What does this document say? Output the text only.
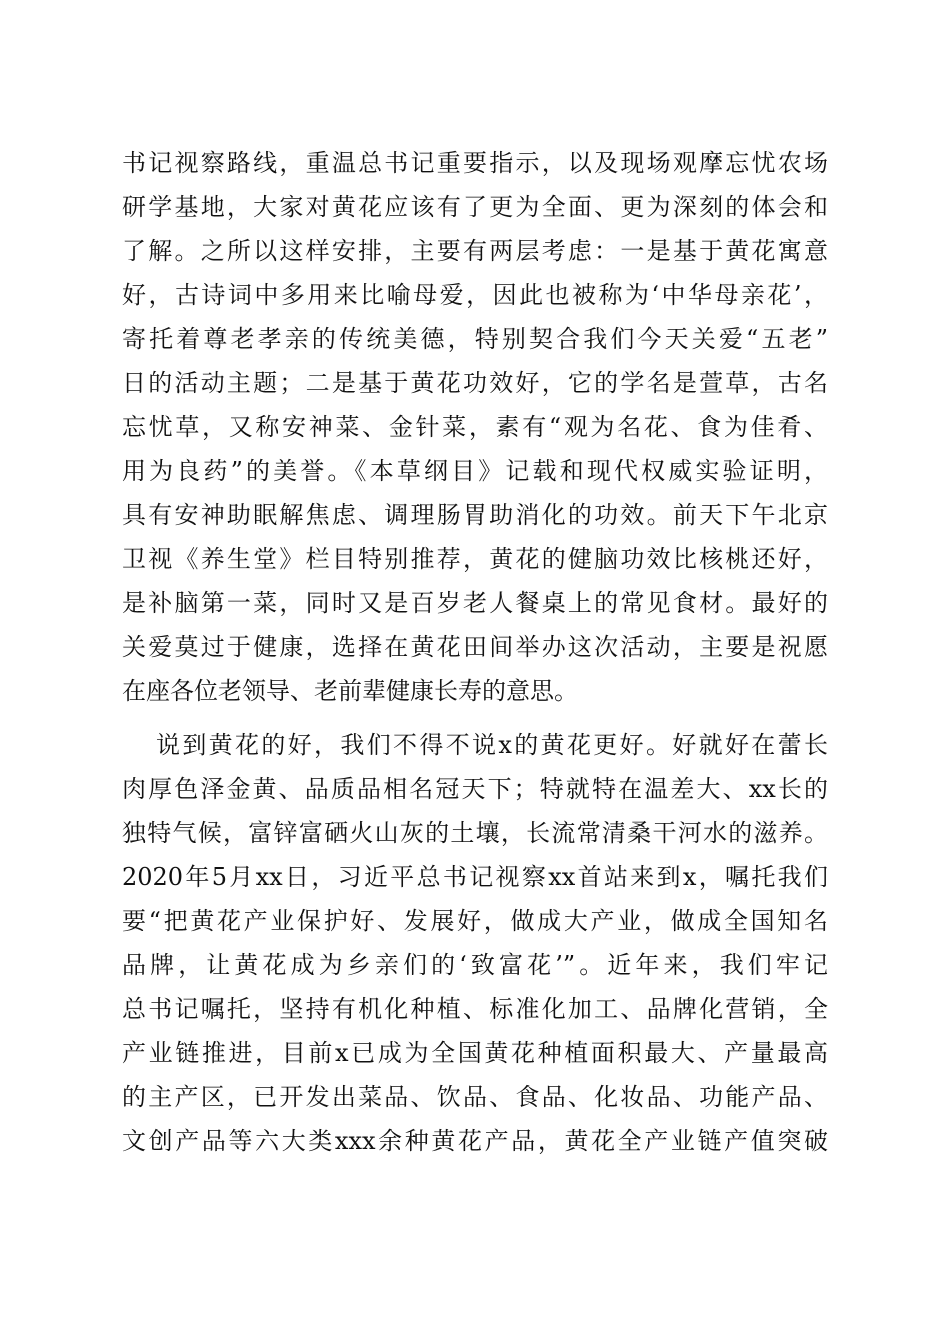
书记视察路线，重温总书记重要指示，以及现场观摩忘忧农场
研学基地，大家对黄花应该有了更为全面、更为深刻的体会和
了解。之所以这样安排，主要有两层考虑：一是基于黄花寓意
好，古诗词中多用来比喻母爱，因此也被称为‘中华母亲花’，
寄托着尊老孝亲的传统美德，特别契合我们今天关爱“五老”
日的活动主题；二是基于黄花功效好，它的学名是萱草，古名
忘忧草，又称安神菜、金针菜，素有“观为名花、食为佳肴、
用为良药”的美誉。《本草纲目》记载和现代权威实验证明，
具有安神助眠解焦虑、调理肠胃助消化的功效。前天下午北京
卫视《养生堂》栏目特别推荐，黄花的健脑功效比核桃还好，
是补脑第一菜，同时又是百岁老人餐桌上的常见食材。最好的
关爱莫过于健康，选择在黄花田间举办这次活动，主要是祝愿
在座各位老领导、老前辈健康长寿的意思。
说到黄花的好，我们不得不说x的黄花更好。好就好在蕾长
肉厚色泽金黄、品质品相名冠天下；特就特在温差大、xx长的
独特气候，富锌富硒火山灰的土壤，长流常清桑干河水的滋养。
2020年5月xx日，习近平总书记视察xx首站来到x，嘱托我们
要“把黄花产业保护好、发展好，做成大产业，做成全国知名
品牌，让黄花成为乡亲们的‘致富花’”。近年来，我们牢记
总书记嘱托，坚持有机化种植、标准化加工、品牌化营销，全
产业链推进，目前x已成为全国黄花种植面积最大、产量最高
的主产区，已开发出菜品、饮品、食品、化妆品、功能产品、
文创产品等六大类xxx余种黄花产品，黄花全产业链产值突破
